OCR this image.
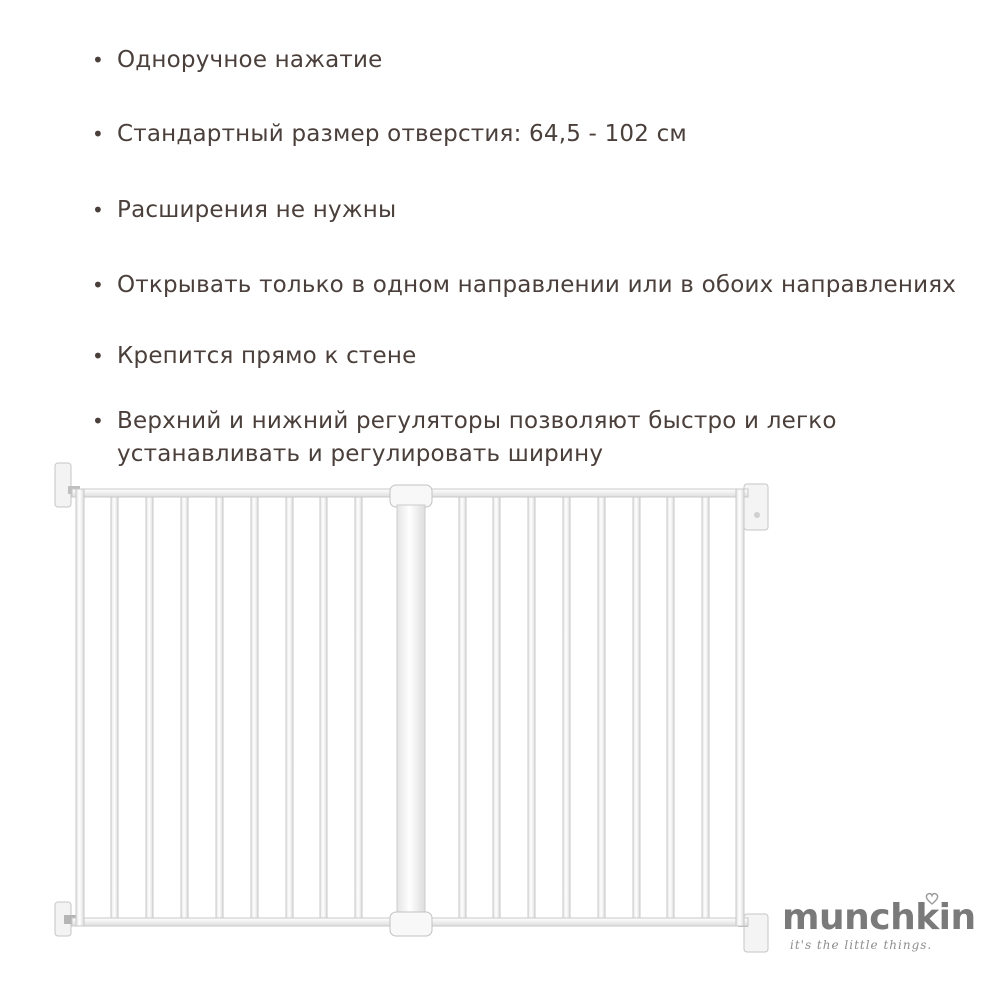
• Одноручное нажатие
• Стандартный размер отверстия: 64,5 - 102 см
• Расширения не нужны
• Открывать только в одном направлении или в обоих направлениях
• Крепится прямо к стене
• Верхний и нижний регуляторы позволяют быстро и легко устанавливать и регулировать ширину
munchkin
it's the little things.
